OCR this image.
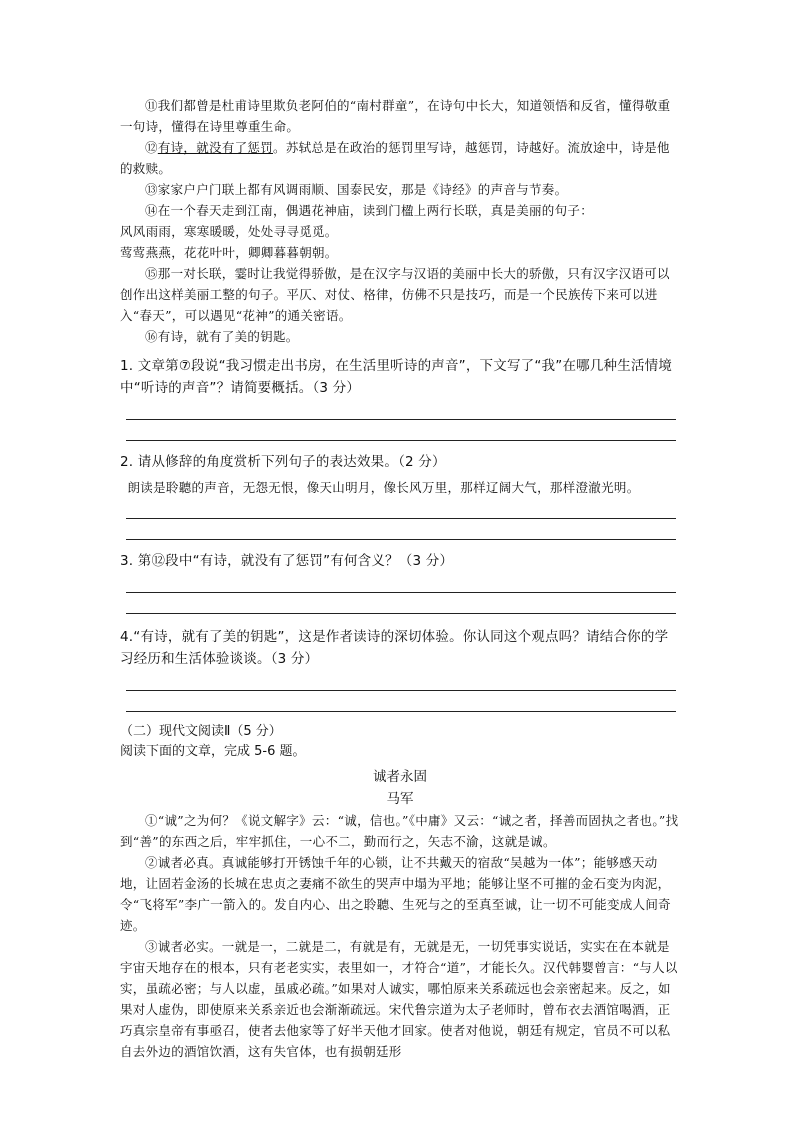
⑪我们都曾是杜甫诗里欺负老阿伯的“南村群童”，在诗句中长大，知道领悟和反省，懂得敬重一句诗，懂得在诗里尊重生命。

⑫有诗，就没有了惩罚。苏轼总是在政治的惩罚里写诗，越惩罚，诗越好。流放途中，诗是他的救赎。

⑬家家户户门联上都有风调雨顺、国泰民安，那是《诗经》的声音与节奏。

⑭在一个春天走到江南，偶遇花神庙，读到门楹上两行长联，真是美丽的句子：

风风雨雨，寒寒暖暖，处处寻寻觅觅。

莺莺燕燕，花花叶叶，卿卿暮暮朝朝。

⑮那一对长联，霎时让我觉得骄傲，是在汉字与汉语的美丽中长大的骄傲，只有汉字汉语可以创作出这样美丽工整的句子。平仄、对仗、格律，仿佛不只是技巧，而是一个民族传下来可以进入“春天”，可以遇见“花神”的通关密语。

⑯有诗，就有了美的钥匙。

1. 文章第⑦段说“我习惯走出书房，在生活里听诗的声音”，下文写了“我”在哪几种生活情境中“听诗的声音”？请简要概括。（3 分）

2. 请从修辞的角度赏析下列句子的表达效果。（2 分）

朗读是聆聽的声音，无怨无恨，像天山明月，像长风万里，那样辽阔大气，那样澄澈光明。

3. 第⑫段中“有诗，就没有了惩罚”有何含义？（3 分）

4.“有诗，就有了美的钥匙”，这是作者读诗的深切体验。你认同这个观点吗？请结合你的学习经历和生活体验谈谈。（3 分）

（二）现代文阅读Ⅱ（5 分）

阅读下面的文章，完成 5-6 题。

诚者永固

马军

①“诚”之为何？《说文解字》云：“诚，信也。”《中庸》又云：“诚之者，择善而固执之者也。”找到“善”的东西之后，牢牢抓住，一心不二，勤而行之，矢志不渝，这就是诚。

②诚者必真。真诚能够打开锈蚀千年的心锁，让不共戴天的宿敌“吴越为一体”；能够感天动地，让固若金汤的长城在忠贞之妻痛不欲生的哭声中塌为平地；能够让坚不可摧的金石变为肉泥，令“飞将军”李广一箭入的。发自内心、出之聆聽、生死与之的至真至诚，让一切不可能变成人间奇迹。

③诚者必实。一就是一，二就是二，有就是有，无就是无，一切凭事实说话，实实在在本就是宇宙天地存在的根本，只有老老实实，表里如一，才符合“道”，才能长久。汉代韩婴曾言：“与人以实，虽疏必密；与人以虚，虽戚必疏。”如果对人诚实，哪怕原来关系疏远也会亲密起来。反之，如果对人虚伪，即使原来关系亲近也会渐渐疏远。宋代鲁宗道为太子老师时，曾布衣去酒馆喝酒，正巧真宗皇帝有事亟召，使者去他家等了好半天他才回家。使者对他说，朝廷有规定，官员不可以私自去外边的酒馆饮酒，这有失官体，也有损朝廷形
